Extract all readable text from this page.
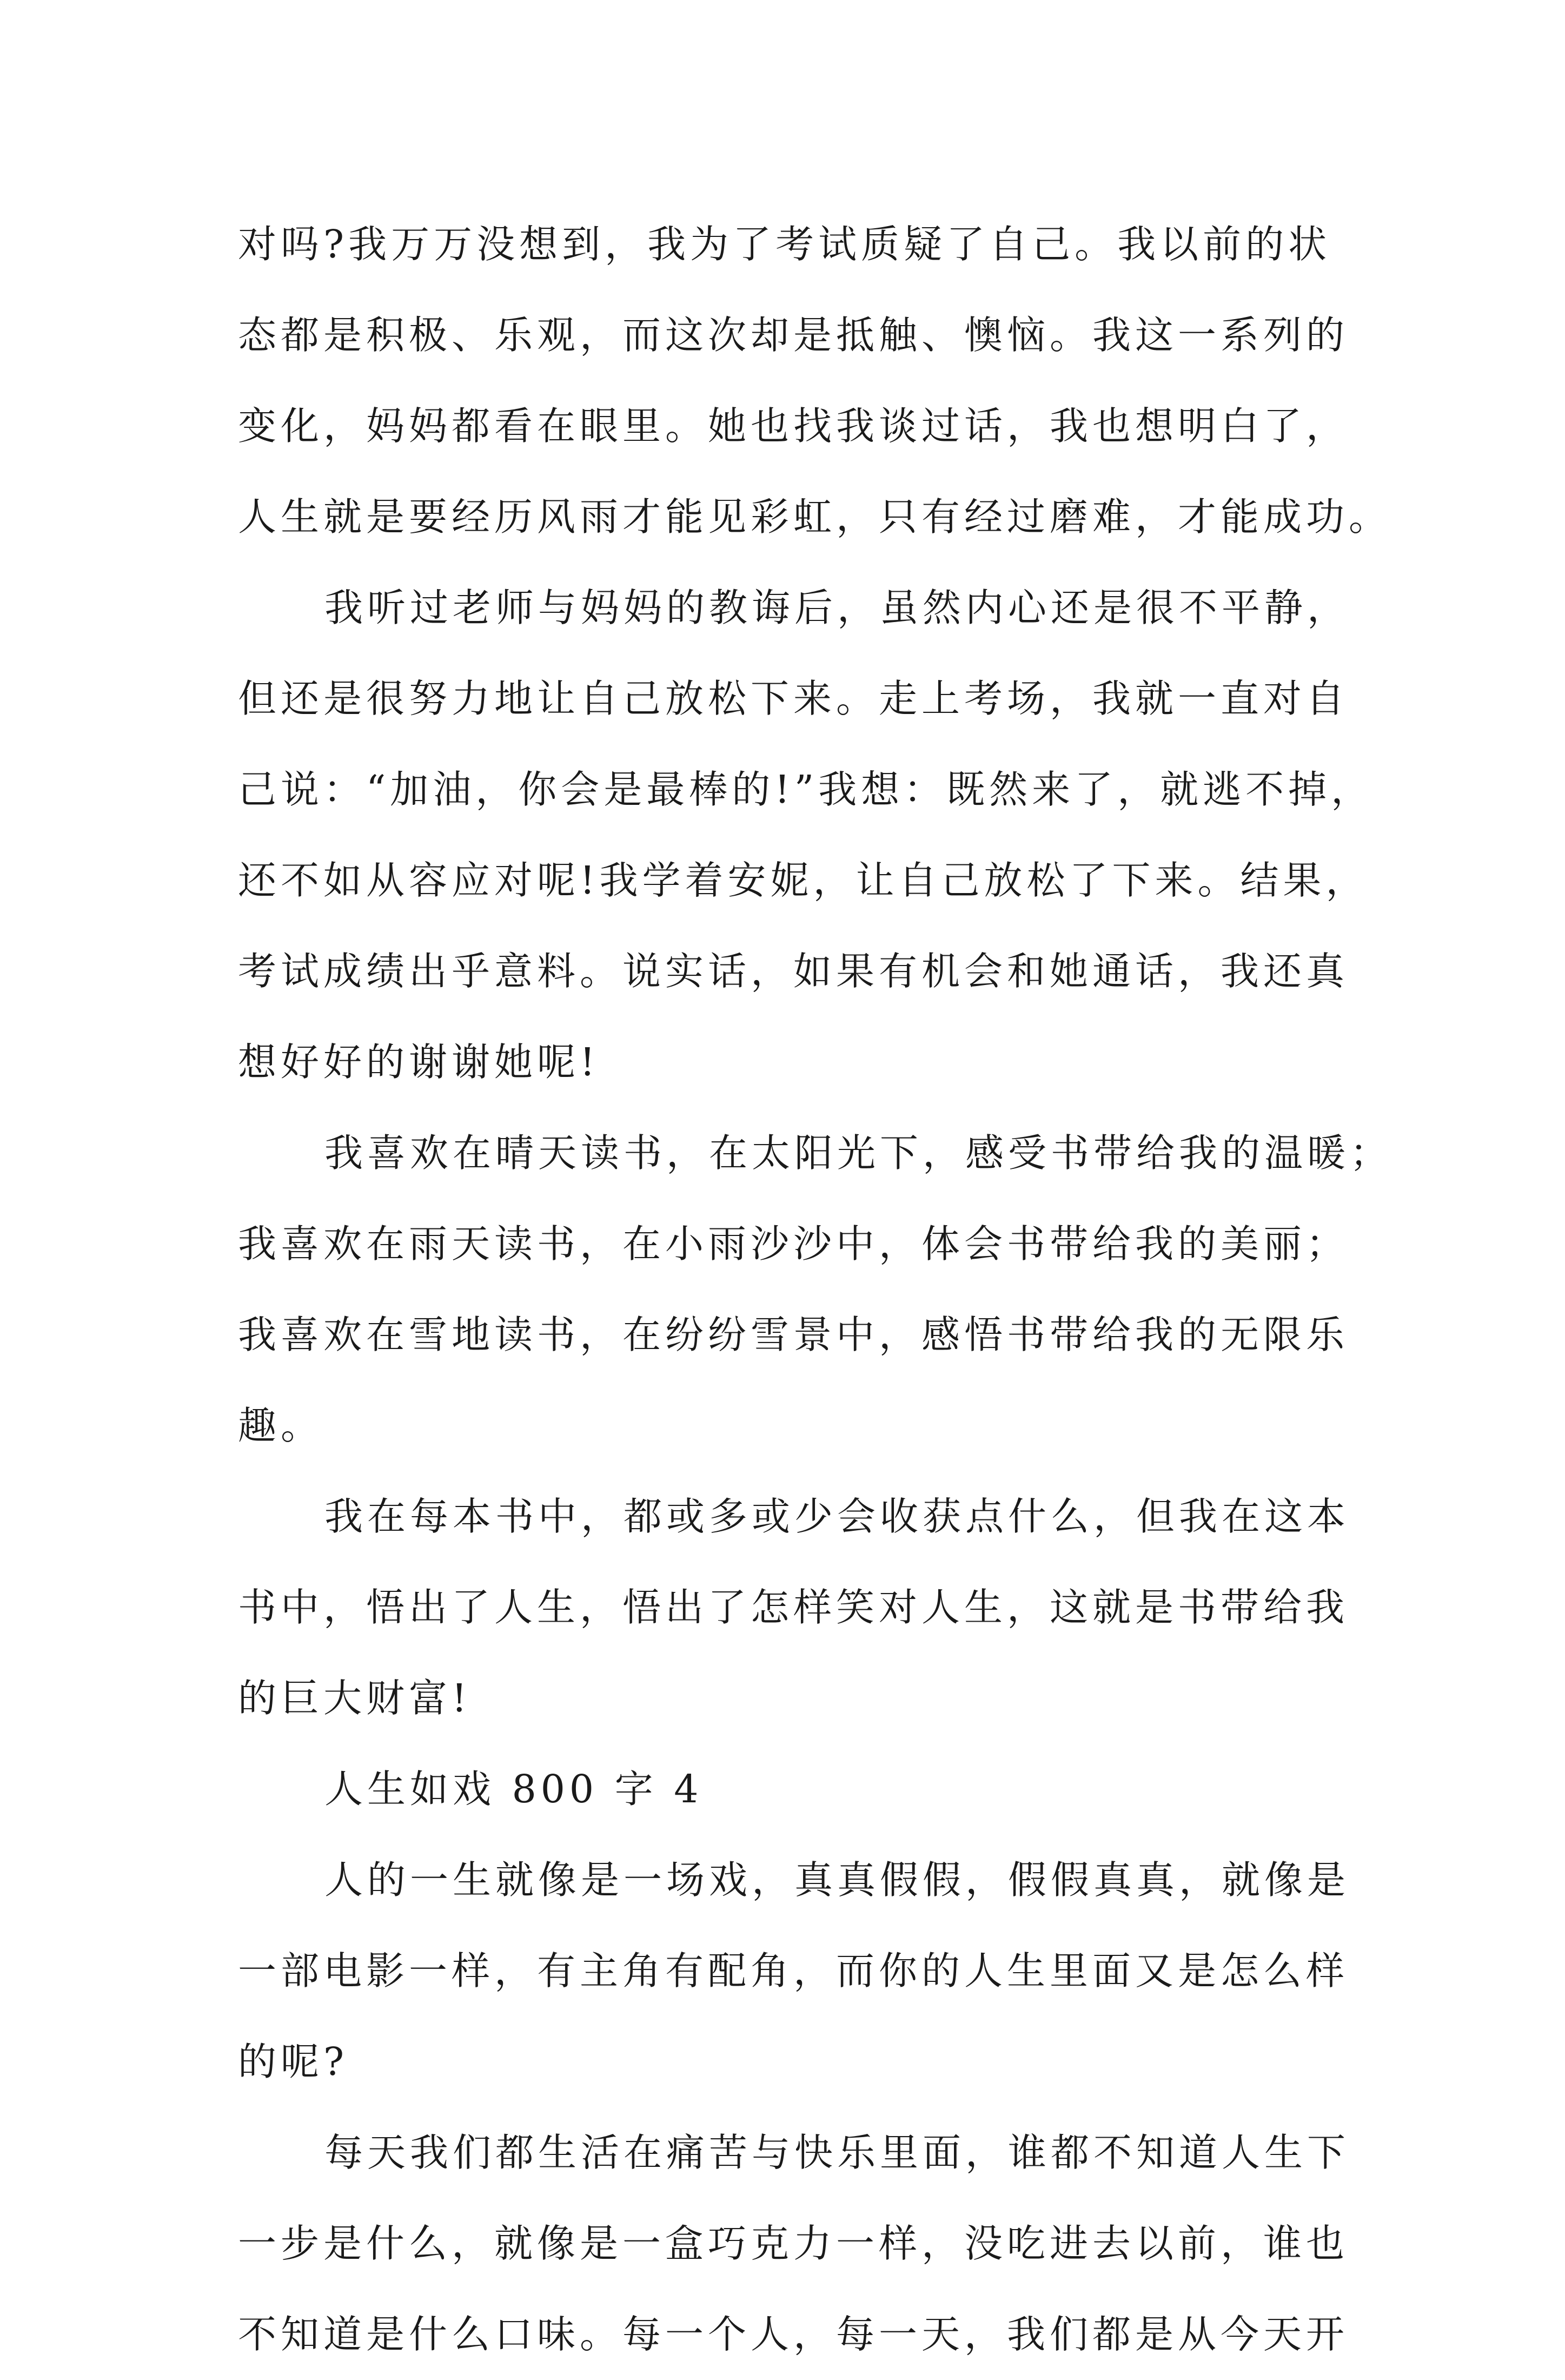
对吗?我万万没想到，我为了考试质疑了自己。我以前的状
态都是积极、乐观，而这次却是抵触、懊恼。我这一系列的
变化，妈妈都看在眼里。她也找我谈过话，我也想明白了，
人生就是要经历风雨才能见彩虹，只有经过磨难，才能成功。
我听过老师与妈妈的教诲后，虽然内心还是很不平静，
但还是很努力地让自己放松下来。走上考场，我就一直对自
己说：“加油，你会是最棒的!”我想：既然来了，就逃不掉，
还不如从容应对呢!我学着安妮，让自己放松了下来。结果，
考试成绩出乎意料。说实话，如果有机会和她通话，我还真
想好好的谢谢她呢!
我喜欢在晴天读书，在太阳光下，感受书带给我的温暖；
我喜欢在雨天读书，在小雨沙沙中，体会书带给我的美丽；
我喜欢在雪地读书，在纷纷雪景中，感悟书带给我的无限乐
趣。
我在每本书中，都或多或少会收获点什么，但我在这本
书中，悟出了人生，悟出了怎样笑对人生，这就是书带给我
的巨大财富!
人生如戏 800 字 4
人的一生就像是一场戏，真真假假，假假真真，就像是
一部电影一样，有主角有配角，而你的人生里面又是怎么样
的呢?
每天我们都生活在痛苦与快乐里面，谁都不知道人生下
一步是什么，就像是一盒巧克力一样，没吃进去以前，谁也
不知道是什么口味。每一个人，每一天，我们都是从今天开
